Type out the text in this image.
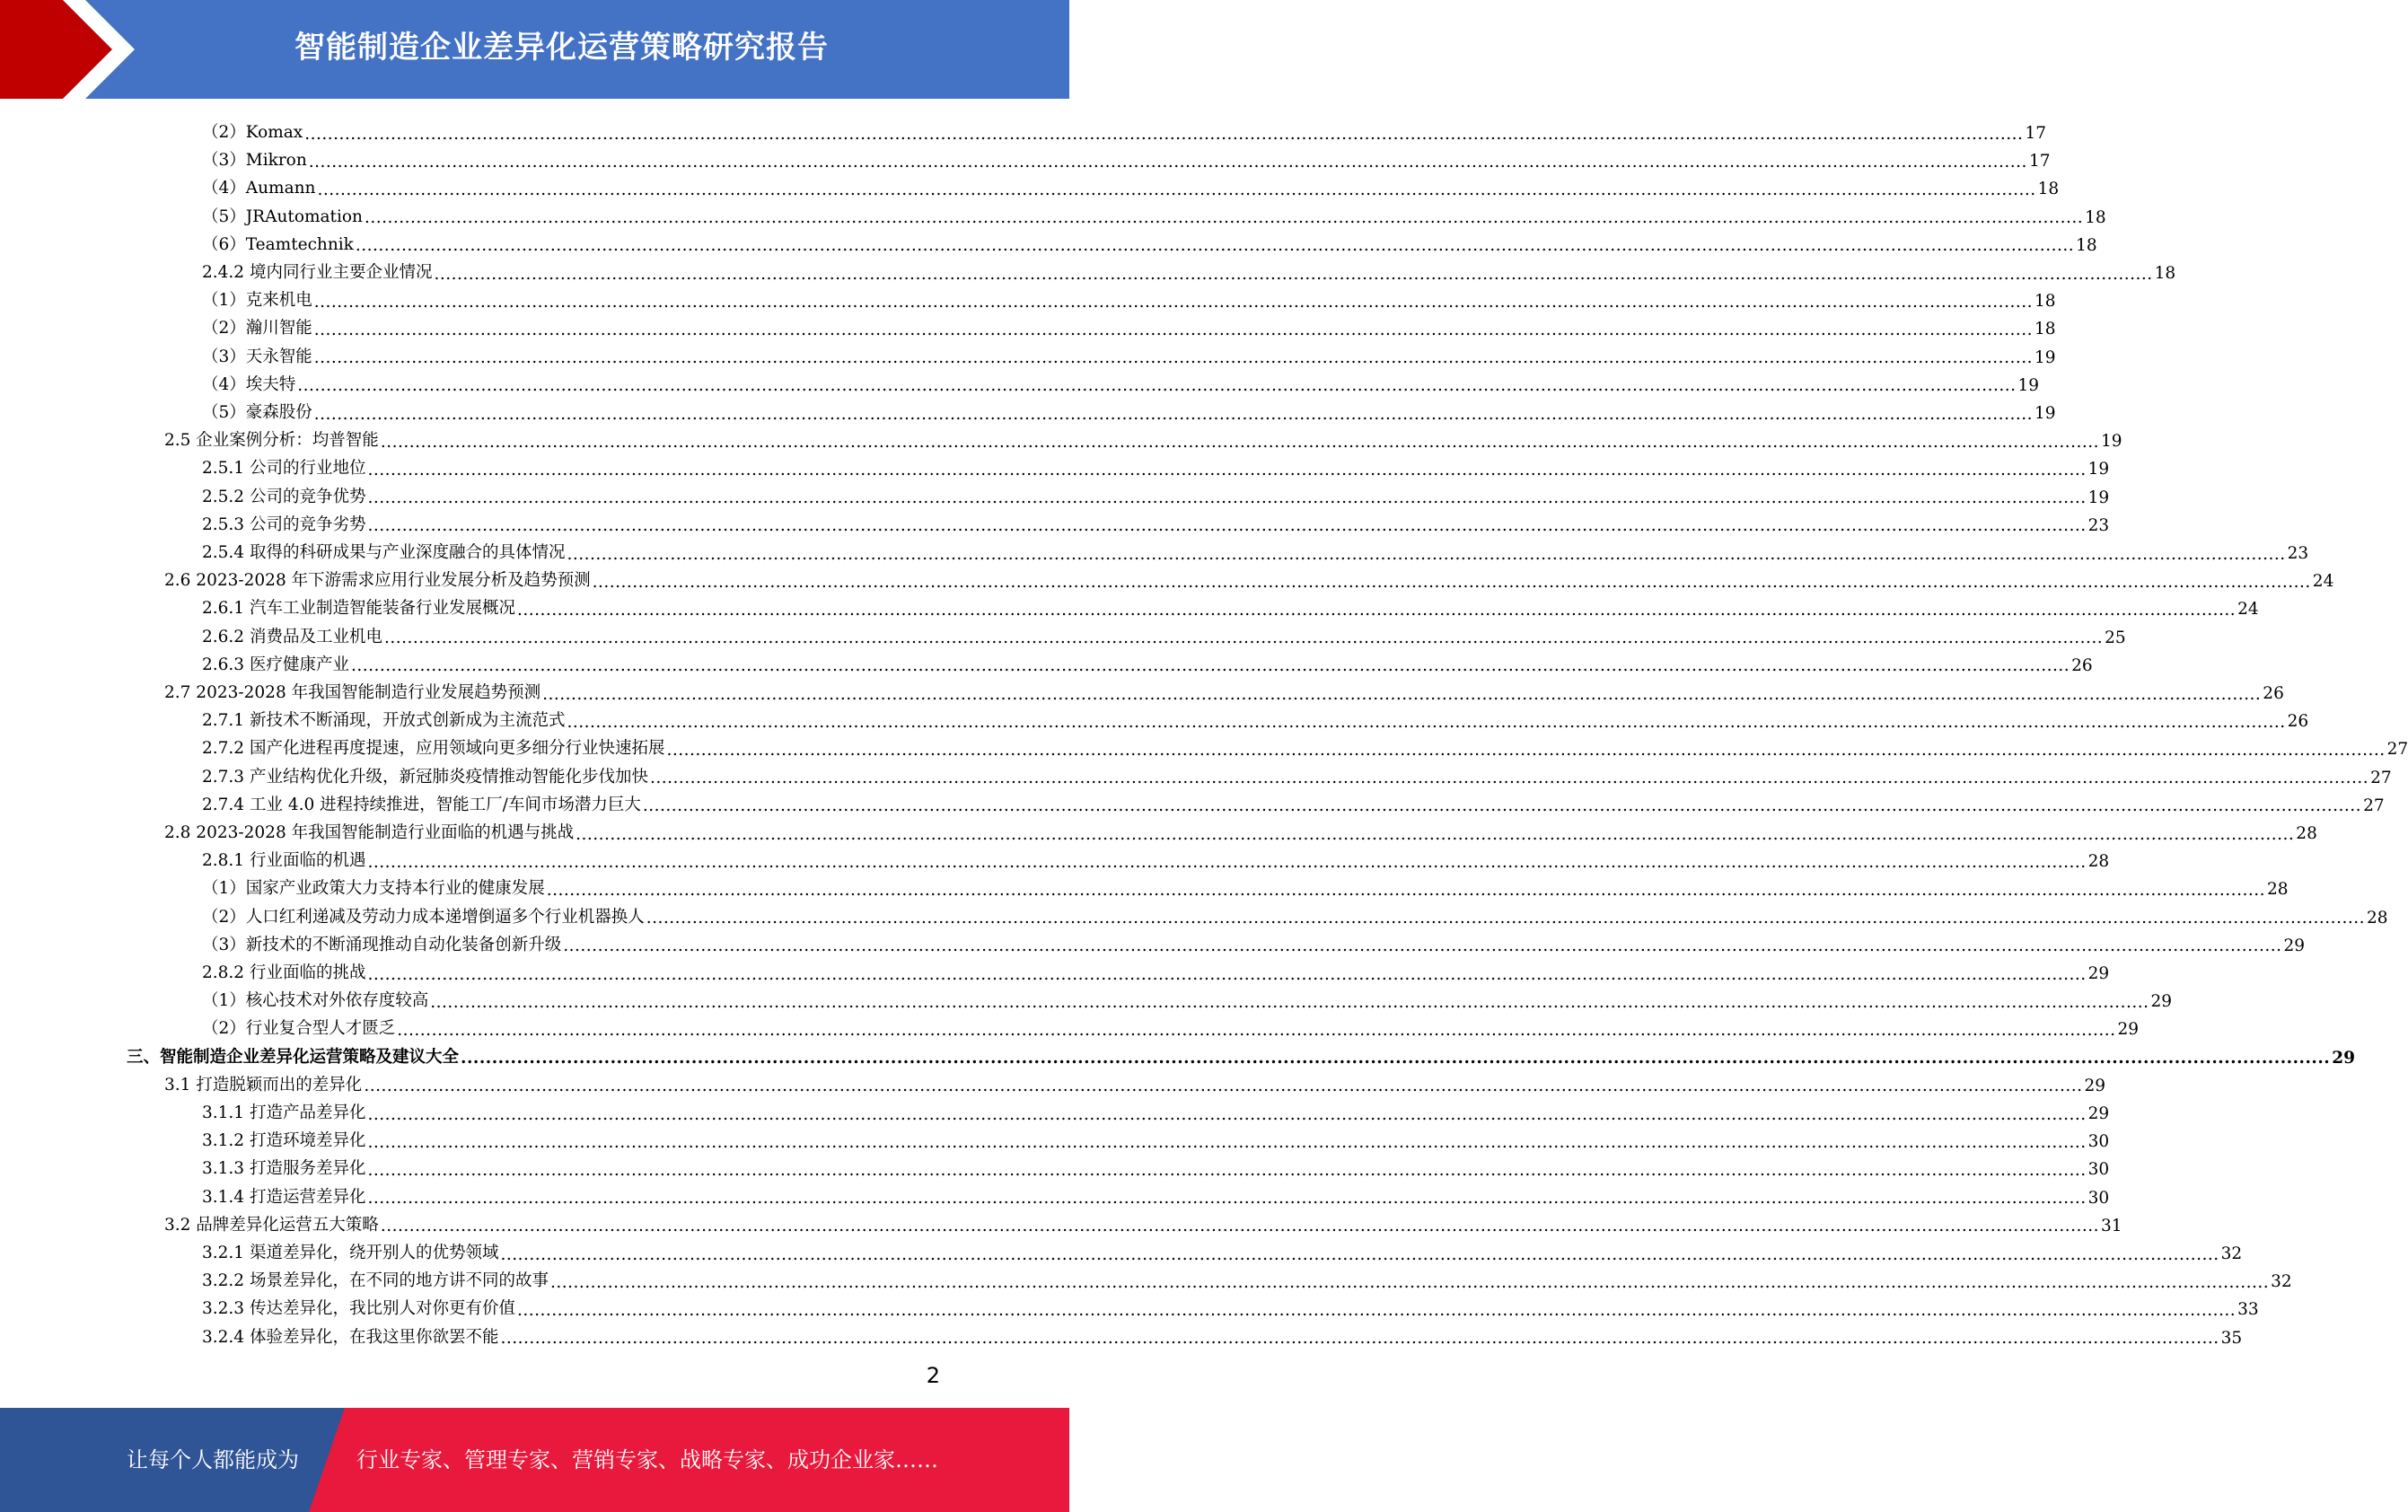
智能制造企业差异化运营策略研究报告
（2）Komax ............................................................................................................................................................................................................................................................................................................ 17
（3）Mikron ............................................................................................................................................................................................................................................................................................................ 17
（4）Aumann ............................................................................................................................................................................................................................................................................................................ 18
（5）JRAutomation ............................................................................................................................................................................................................................................................................................................ 18
（6）Teamtechnik ............................................................................................................................................................................................................................................................................................................ 18
2.4.2 境内同行业主要企业情况 ............................................................................................................................................................................................................................................................................................................ 18
（1）克来机电 ............................................................................................................................................................................................................................................................................................................ 18
（2）瀚川智能 ............................................................................................................................................................................................................................................................................................................ 18
（3）天永智能 ............................................................................................................................................................................................................................................................................................................ 19
（4）埃夫特 ............................................................................................................................................................................................................................................................................................................ 19
（5）豪森股份 ............................................................................................................................................................................................................................................................................................................ 19
2.5 企业案例分析：均普智能 ............................................................................................................................................................................................................................................................................................................ 19
2.5.1 公司的行业地位 ............................................................................................................................................................................................................................................................................................................ 19
2.5.2 公司的竞争优势 ............................................................................................................................................................................................................................................................................................................ 19
2.5.3 公司的竞争劣势 ............................................................................................................................................................................................................................................................................................................ 23
2.5.4 取得的科研成果与产业深度融合的具体情况 ............................................................................................................................................................................................................................................................................................................ 23
2.6 2023-2028 年下游需求应用行业发展分析及趋势预测 ............................................................................................................................................................................................................................................................................................................ 24
2.6.1 汽车工业制造智能装备行业发展概况 ............................................................................................................................................................................................................................................................................................................ 24
2.6.2 消费品及工业机电 ............................................................................................................................................................................................................................................................................................................ 25
2.6.3 医疗健康产业 ............................................................................................................................................................................................................................................................................................................ 26
2.7 2023-2028 年我国智能制造行业发展趋势预测 ............................................................................................................................................................................................................................................................................................................ 26
2.7.1 新技术不断涌现，开放式创新成为主流范式 ............................................................................................................................................................................................................................................................................................................ 26
2.7.2 国产化进程再度提速，应用领域向更多细分行业快速拓展 ............................................................................................................................................................................................................................................................................................................ 27
2.7.3 产业结构优化升级，新冠肺炎疫情推动智能化步伐加快 ............................................................................................................................................................................................................................................................................................................ 27
2.7.4 工业 4.0 进程持续推进，智能工厂/车间市场潜力巨大 ............................................................................................................................................................................................................................................................................................................ 27
2.8 2023-2028 年我国智能制造行业面临的机遇与挑战 ............................................................................................................................................................................................................................................................................................................ 28
2.8.1 行业面临的机遇 ............................................................................................................................................................................................................................................................................................................ 28
（1）国家产业政策大力支持本行业的健康发展 ............................................................................................................................................................................................................................................................................................................ 28
（2）人口红利递减及劳动力成本递增倒逼多个行业机器换人 ............................................................................................................................................................................................................................................................................................................ 28
（3）新技术的不断涌现推动自动化装备创新升级 ............................................................................................................................................................................................................................................................................................................ 29
2.8.2 行业面临的挑战 ............................................................................................................................................................................................................................................................................................................ 29
（1）核心技术对外依存度较高 ............................................................................................................................................................................................................................................................................................................ 29
（2）行业复合型人才匮乏 ............................................................................................................................................................................................................................................................................................................ 29
三、智能制造企业差异化运营策略及建议大全 ............................................................................................................................................................................................................................................................................................................ 29
3.1 打造脱颖而出的差异化 ............................................................................................................................................................................................................................................................................................................ 29
3.1.1 打造产品差异化 ............................................................................................................................................................................................................................................................................................................ 29
3.1.2 打造环境差异化 ............................................................................................................................................................................................................................................................................................................ 30
3.1.3 打造服务差异化 ............................................................................................................................................................................................................................................................................................................ 30
3.1.4 打造运营差异化 ............................................................................................................................................................................................................................................................................................................ 30
3.2 品牌差异化运营五大策略 ............................................................................................................................................................................................................................................................................................................ 31
3.2.1 渠道差异化，绕开别人的优势领域 ............................................................................................................................................................................................................................................................................................................ 32
3.2.2 场景差异化，在不同的地方讲不同的故事 ............................................................................................................................................................................................................................................................................................................ 32
3.2.3 传达差异化，我比别人对你更有价值 ............................................................................................................................................................................................................................................................................................................ 33
3.2.4 体验差异化，在我这里你欲罢不能 ............................................................................................................................................................................................................................................................................................................ 35
2
让每个人都能成为	行业专家、管理专家、营销专家、战略专家、成功企业家……
